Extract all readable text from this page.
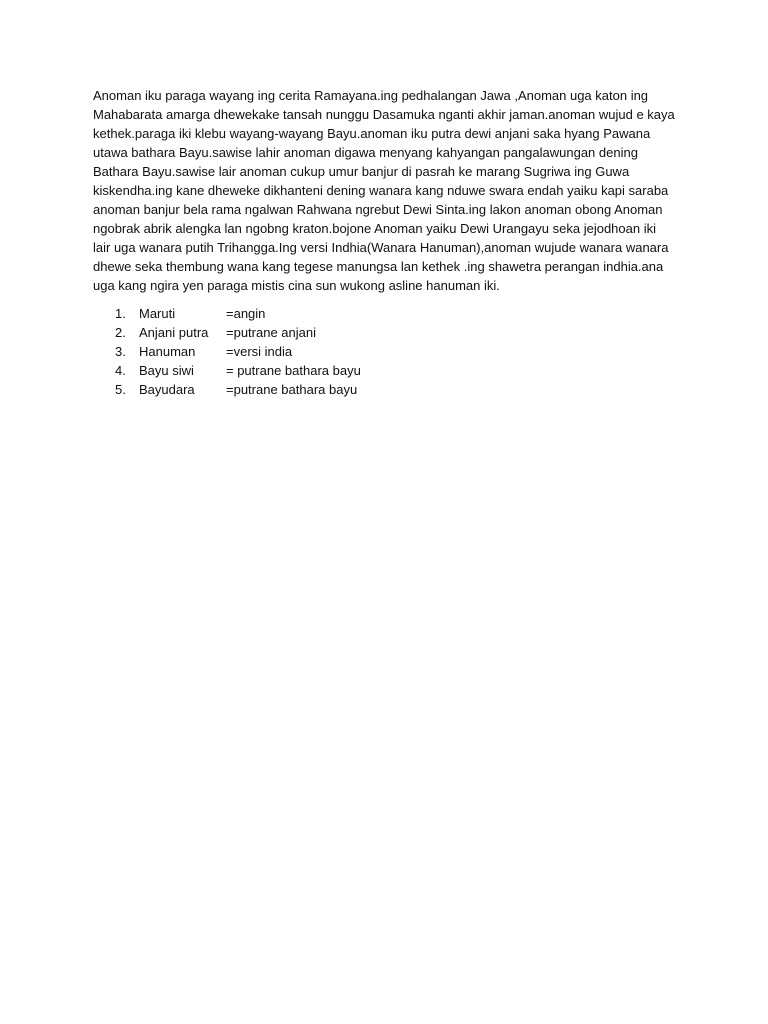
Anoman iku paraga wayang ing cerita Ramayana.ing pedhalangan Jawa ,Anoman uga katon ing
Mahabarata amarga dhewekake tansah nunggu Dasamuka nganti akhir jaman.anoman wujud e kaya
kethek.paraga iki klebu wayang-wayang Bayu.anoman iku putra dewi anjani saka hyang Pawana
utawa bathara Bayu.sawise lahir anoman digawa menyang kahyangan pangalawungan dening
Bathara Bayu.sawise lair anoman cukup umur banjur di pasrah ke marang Sugriwa ing Guwa
kiskendha.ing kane dheweke dikhanteni dening wanara kang nduwe swara endah yaiku kapi saraba
anoman banjur bela rama ngalwan Rahwana ngrebut Dewi Sinta.ing lakon anoman obong Anoman
ngobrak abrik alengka lan ngobng kraton.bojone Anoman yaiku Dewi Urangayu seka jejodhoan iki
lair uga wanara putih Trihangga.Ing versi Indhia(Wanara Hanuman),anoman wujude wanara wanara
dhewe seka thembung wana kang tegese manungsa lan kethek .ing shawetra perangan indhia.ana
uga kang ngira yen paraga mistis cina sun wukong asline hanuman iki.

1. Maruti	=angin
2. Anjani putra =putrane anjani
3. Hanuman =versi india
4. Bayu siwi = putrane bathara bayu
5. Bayudara =putrane bathara bayu
